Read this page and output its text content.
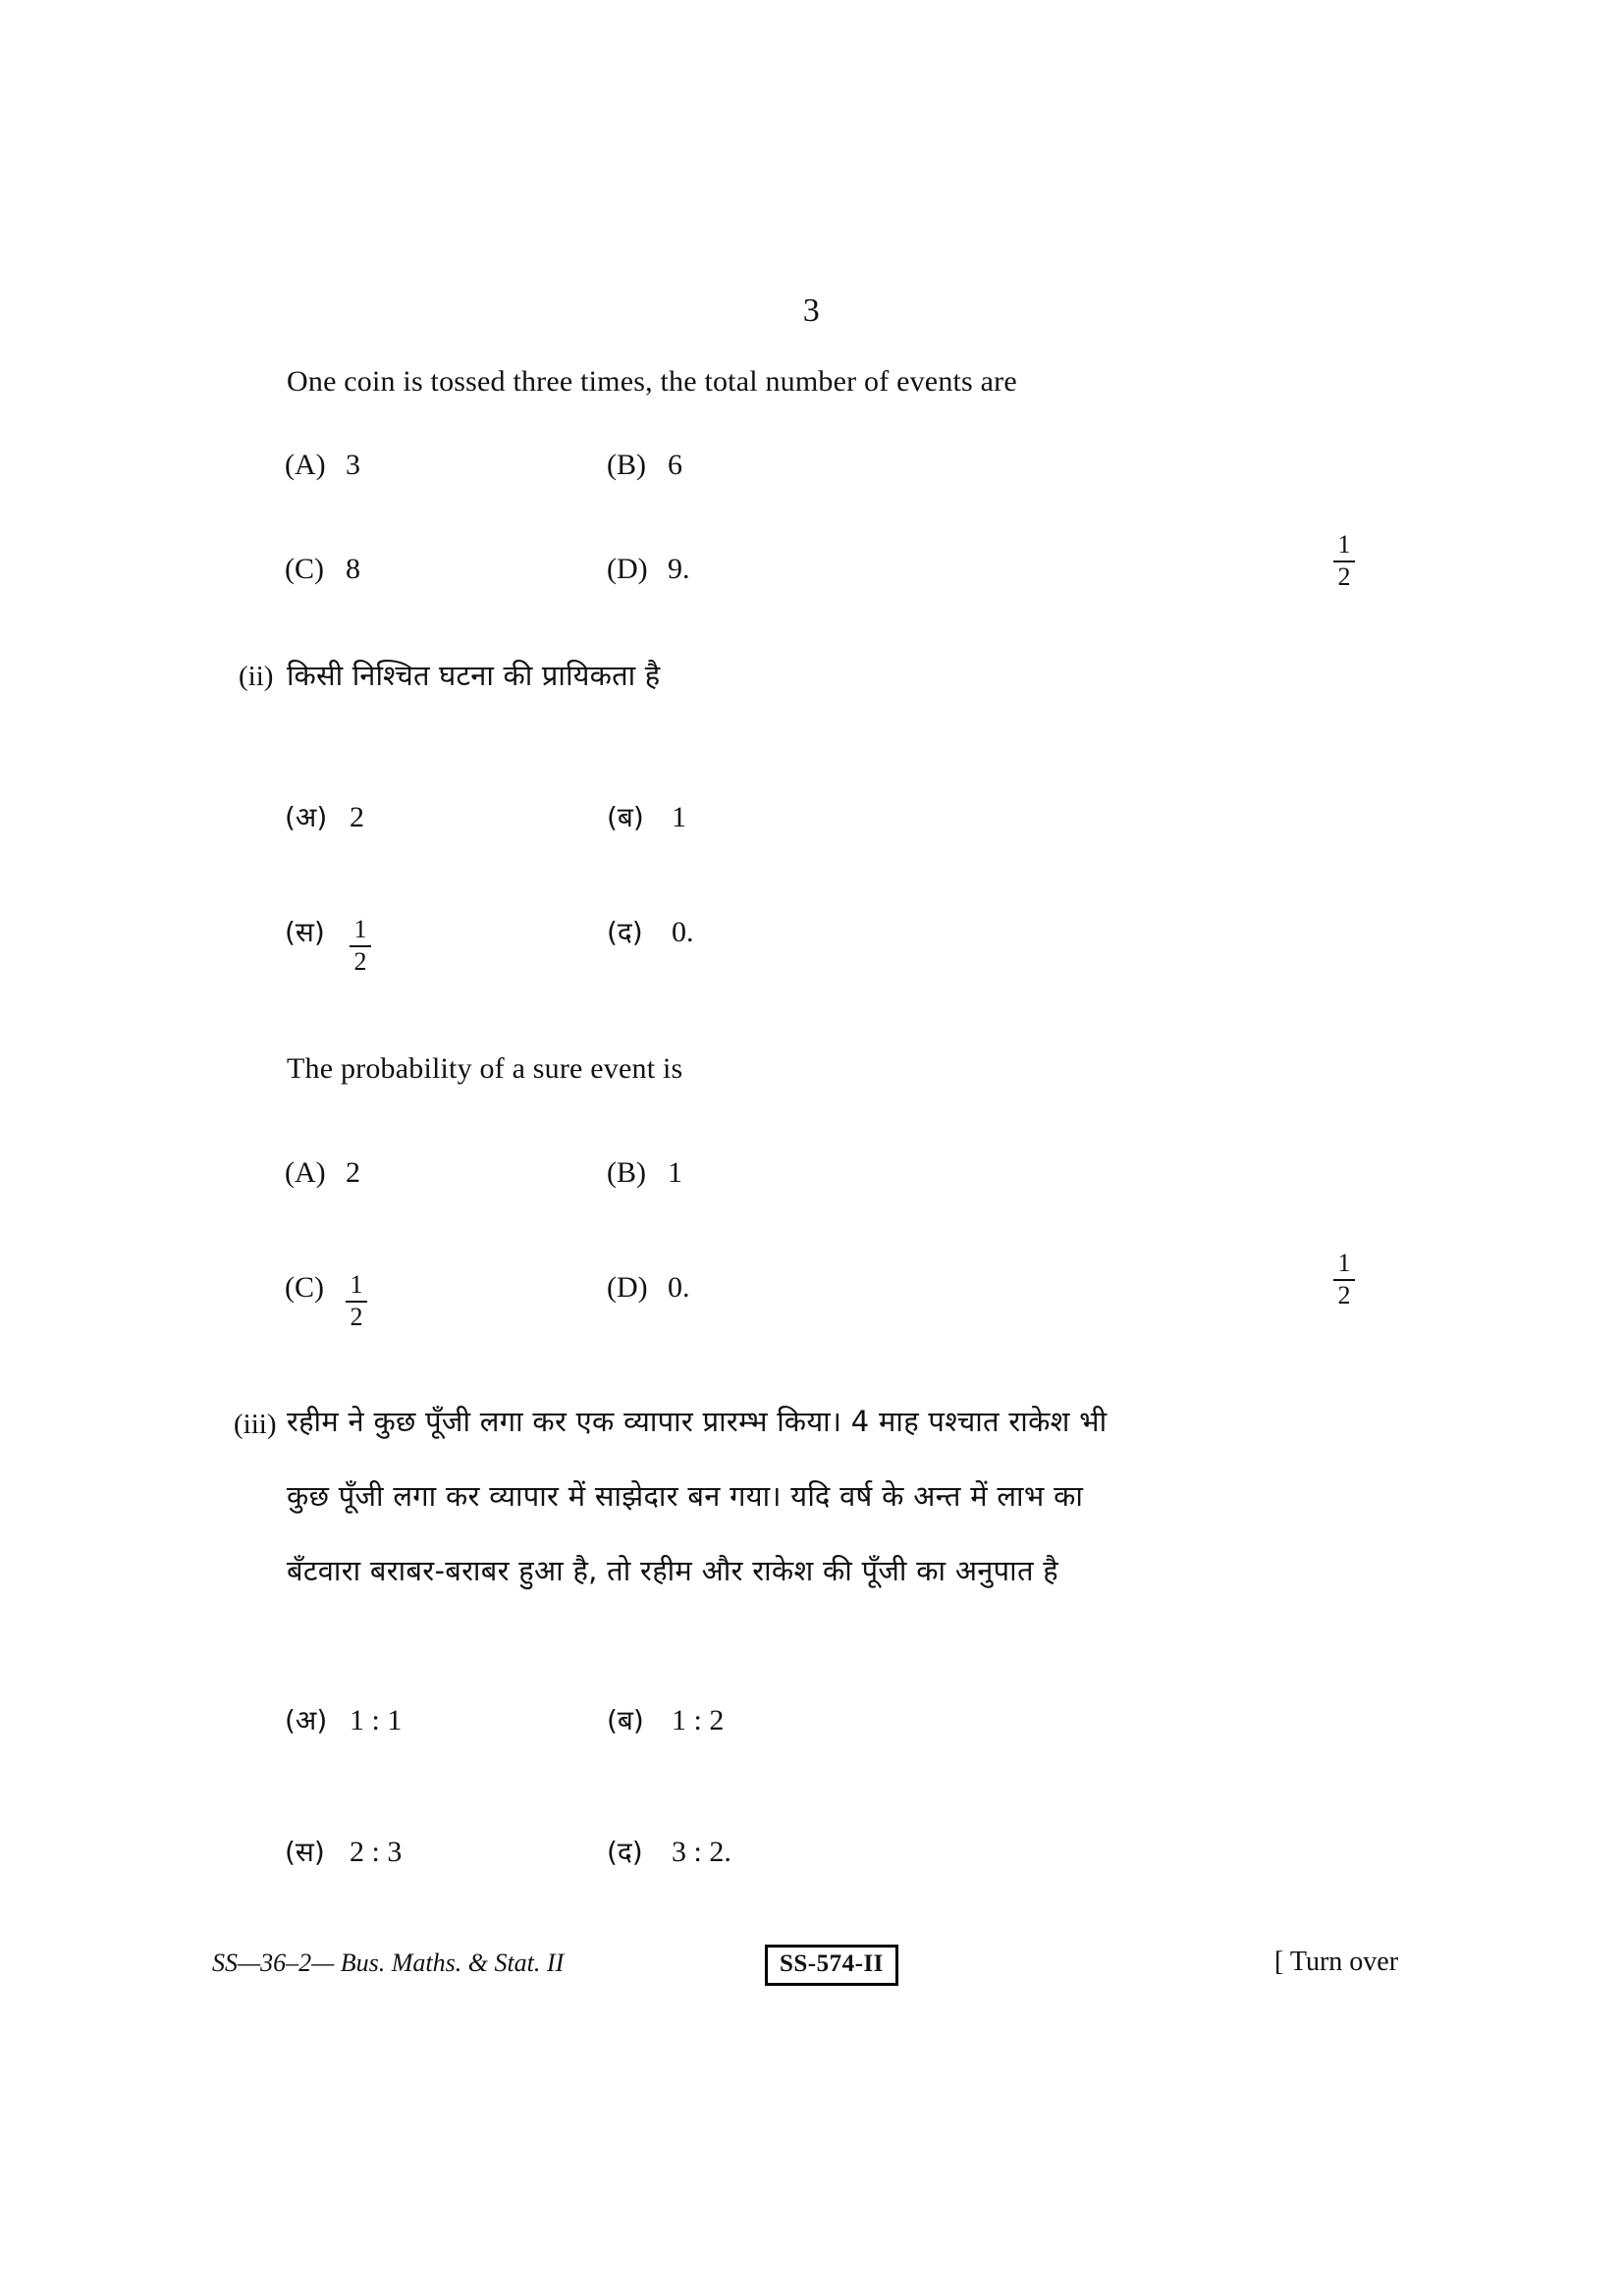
3
One coin is tossed three times, the total number of events are
(A) 3	(B) 6
(C) 8	(D) 9.	$\frac{1}{2}$
(ii) किसी निश्चित घटना की प्रायिकता है
(अ) 2	(ब) 1
(स) $\frac{1}{2}$	(द) 0.
The probability of a sure event is
(A) 2	(B) 1
$(C) \frac{1}{2}$	(D) 0.	$\frac{1}{2}$
(iii) रहीम ने कुछ पूँजी लगा कर एक व्यापार प्रारम्भ किया। 4 माह पश्चात राकेश भी
कुछ पूँजी लगा कर व्यापार में साझेदार बन गया। यदि वर्ष के अन्त में लाभ का
बँटवारा बराबर-बराबर हुआ है, तो रहीम और राकेश की पूँजी का अनुपात है
(अ) 1 : 1	(ब) 1 : 2
(स) 2 : 3	(द) 3 : 2.
SS—36–2— Bus. Maths. & Stat. II	SS-574-II	[ Turn over
